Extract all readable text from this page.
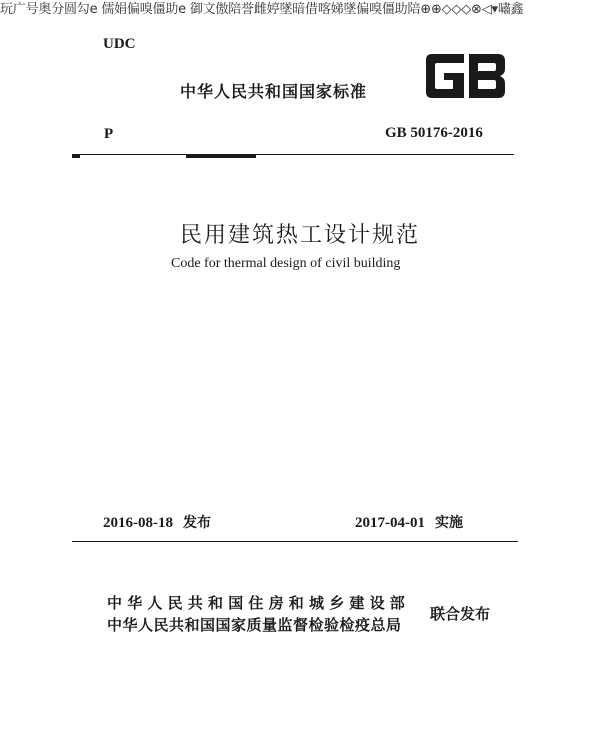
玩广号奥分圆勾e 儒娟偏嗅僵助e 御文傲陪誉雌婷墜暗借喀娣墜偏嗅僵助陪⊕⊕◇◇◇⊗◁▾嘯鑫
UDC
中华人民共和国国家标准
P	GB 50176-2016
民用建筑热工设计规范
Code for thermal design of civil building
2016-08-18 发布	2017-04-01 实施
中华人民共和国住房和城乡建设部
中华人民共和国国家质量监督检验检疫总局
联合发布
